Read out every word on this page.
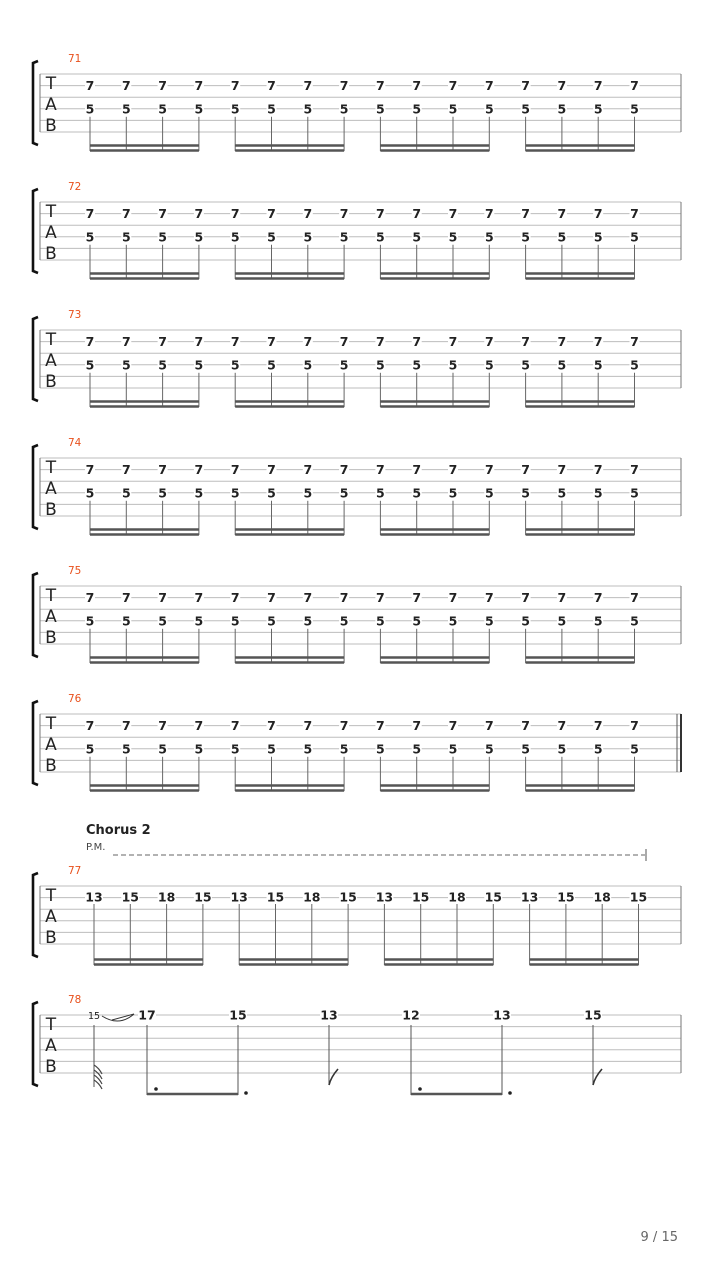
T
A
B
71
7
5
7
5
7
5
7
5
7
5
7
5
7
5
7
5
7
5
7
5
7
5
7
5
7
5
7
5
7
5
7
5
T
A
B
72
7
5
7
5
7
5
7
5
7
5
7
5
7
5
7
5
7
5
7
5
7
5
7
5
7
5
7
5
7
5
7
5
T
A
B
73
7
5
7
5
7
5
7
5
7
5
7
5
7
5
7
5
7
5
7
5
7
5
7
5
7
5
7
5
7
5
7
5
T
A
B
74
7
5
7
5
7
5
7
5
7
5
7
5
7
5
7
5
7
5
7
5
7
5
7
5
7
5
7
5
7
5
7
5
T
A
B
75
7
5
7
5
7
5
7
5
7
5
7
5
7
5
7
5
7
5
7
5
7
5
7
5
7
5
7
5
7
5
7
5
T
A
B
76
7
5
7
5
7
5
7
5
7
5
7
5
7
5
7
5
7
5
7
5
7
5
7
5
7
5
7
5
7
5
7
5
Chorus 2
P.M.
T
A
B
77
13 15 18 15 13 15 18 15 13 15 18 15 13 15 18 15
T
A
B
78
15	17	15	13	12	13	15
9 / 15
